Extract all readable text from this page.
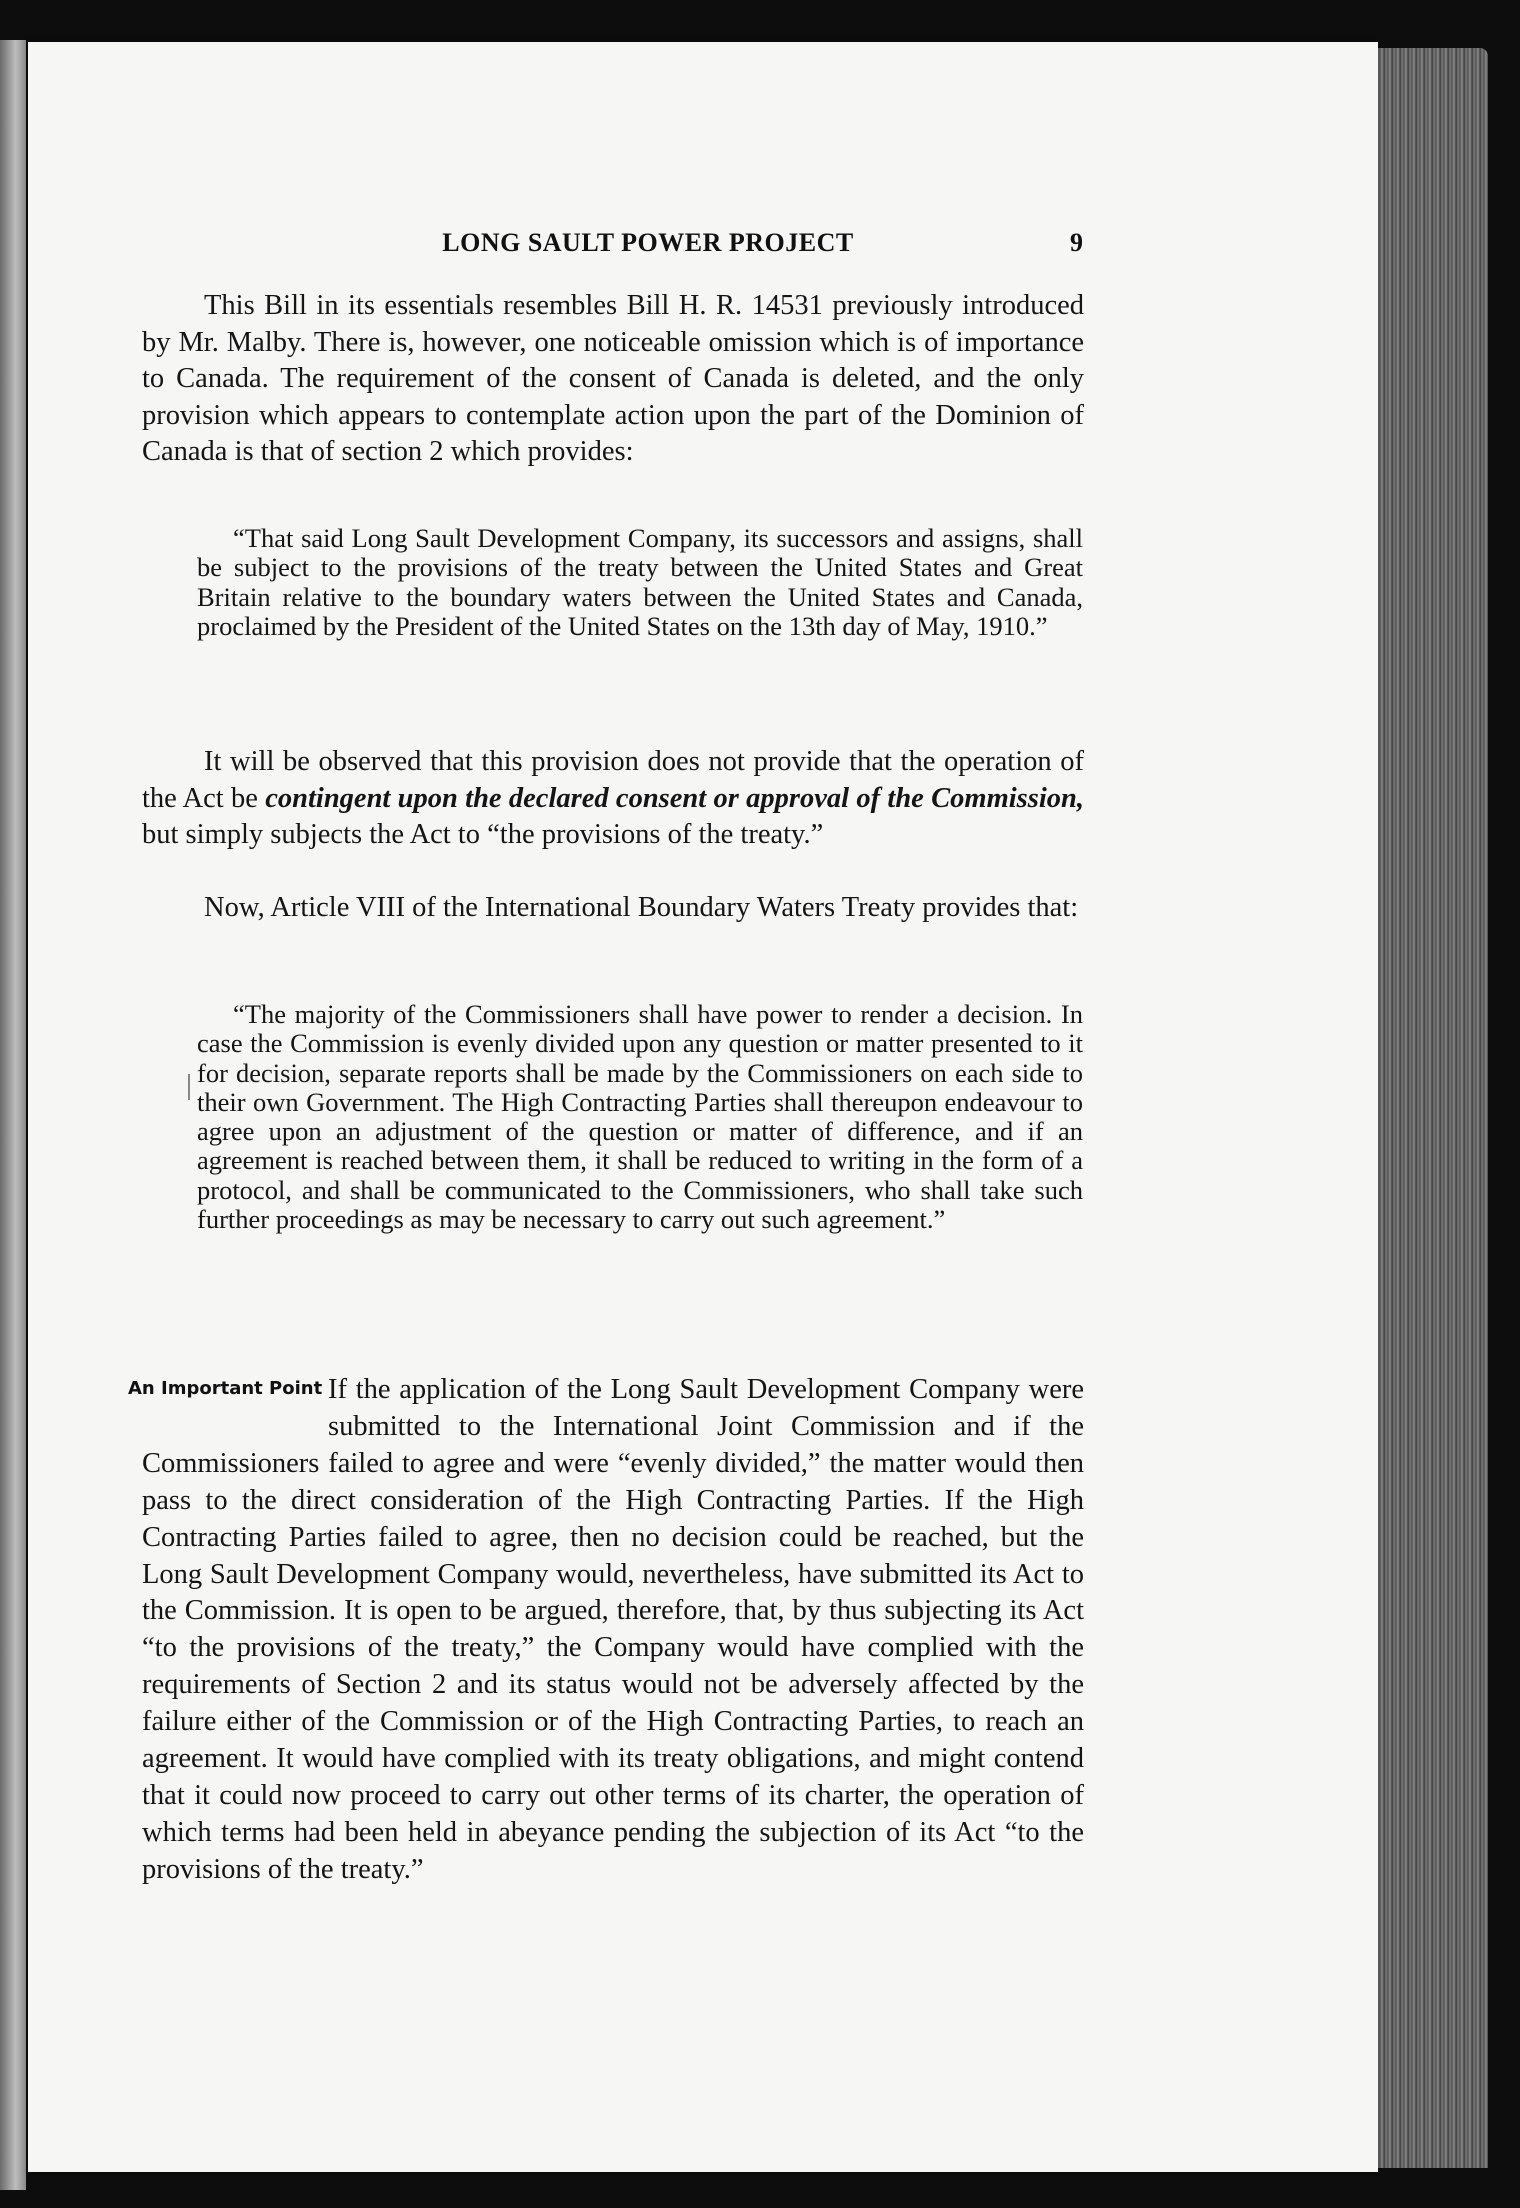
LONG SAULT POWER PROJECT	9

This Bill in its essentials resembles Bill H. R. 14531 previously introduced by Mr. Malby. There is, however, one noticeable omission which is of importance to Canada. The requirement of the consent of Canada is deleted, and the only provision which appears to contemplate action upon the part of the Dominion of Canada is that of section 2 which provides:

“That said Long Sault Development Company, its successors and assigns, shall be subject to the provisions of the treaty between the United States and Great Britain relative to the boundary waters between the United States and Canada, proclaimed by the President of the United States on the 13th day of May, 1910.”

It will be observed that this provision does not provide that the operation of the Act be contingent upon the declared consent or approval of the Commission, but simply subjects the Act to “the provisions of the treaty.”

Now, Article VIII of the International Boundary Waters Treaty provides that:

“The majority of the Commissioners shall have power to render a decision. In case the Commission is evenly divided upon any question or matter presented to it for decision, separate reports shall be made by the Commissioners on each side to their own Government. The High Contracting Parties shall thereupon endeavour to agree upon an adjustment of the question or matter of difference, and if an agreement is reached between them, it shall be reduced to writing in the form of a protocol, and shall be communicated to the Commissioners, who shall take such further proceedings as may be necessary to carry out such agreement.”

An Important Point If the application of the Long Sault Development Company were submitted to the International Joint Commission and if the Commissioners failed to agree and were “evenly divided,” the matter would then pass to the direct consideration of the High Contracting Parties. If the High Contracting Parties failed to agree, then no decision could be reached, but the Long Sault Development Company would, nevertheless, have submitted its Act to the Commission. It is open to be argued, therefore, that, by thus subjecting its Act “to the provisions of the treaty,” the Company would have complied with the requirements of Section 2 and its status would not be adversely affected by the failure either of the Commission or of the High Contracting Parties, to reach an agreement. It would have complied with its treaty obligations, and might contend that it could now proceed to carry out other terms of its charter, the operation of which terms had been held in abeyance pending the subjection of its Act “to the provisions of the treaty.”
